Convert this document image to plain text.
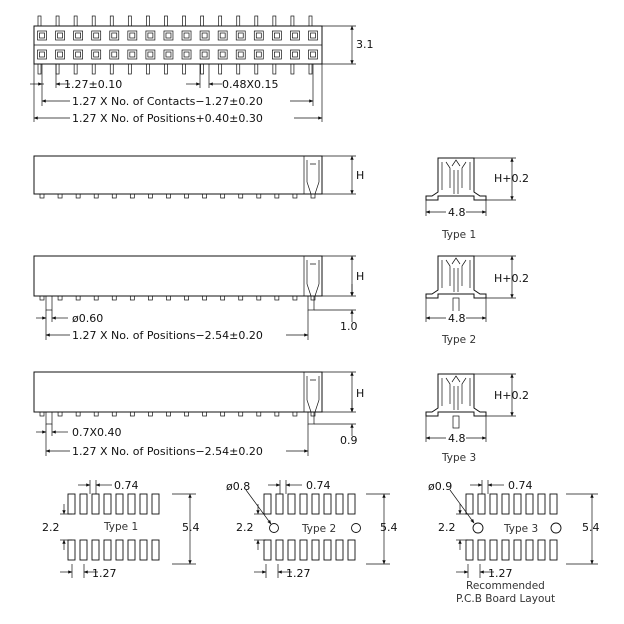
3.1
1.27±0.10	0.48X0.15
1.27 X No. of Contacts−1.27±0.20
1.27 X No. of Positions+0.40±0.30
H
H
1.0
ø0.60
1.27 X No. of Positions−2.54±0.20
H
0.9
0.7X0.40
1.27 X No. of Positions−2.54±0.20
H+0.2
4.8
Type 1
H+0.2
4.8
Type 2
H+0.2
4.8
Type 3
0.74
Type 1
2.2	5.4
1.27
ø0.8	0.74
Type 2
2.2	5.4
1.27
ø0.9	0.74
Type 3
2.2	5.4
1.27
Recommended
P.C.B Board Layout
